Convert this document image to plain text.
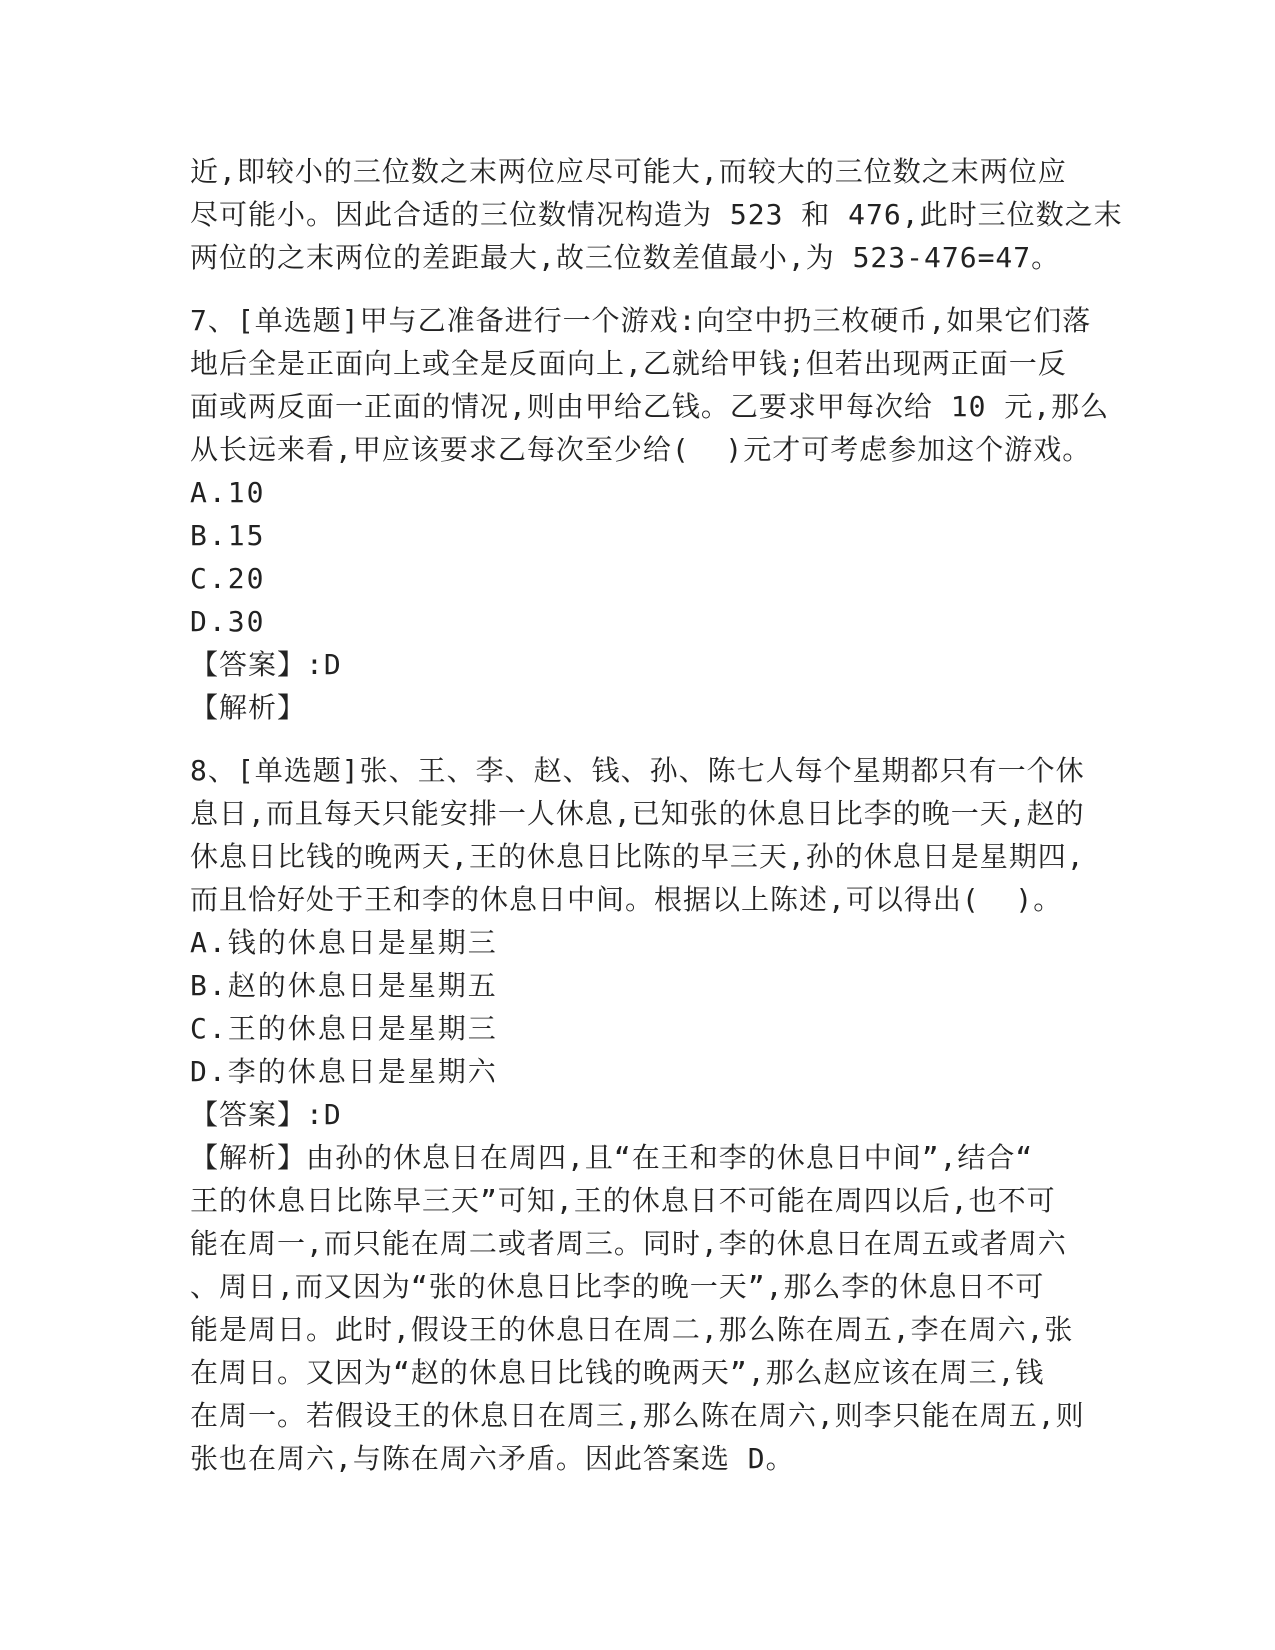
近,即较小的三位数之末两位应尽可能大,而较大的三位数之末两位应
尽可能小。因此合适的三位数情况构造为 523 和 476,此时三位数之末
两位的之末两位的差距最大,故三位数差值最小,为 523-476=47。
7、[单选题]甲与乙准备进行一个游戏:向空中扔三枚硬币,如果它们落
地后全是正面向上或全是反面向上,乙就给甲钱;但若出现两正面一反
面或两反面一正面的情况,则由甲给乙钱。乙要求甲每次给 10 元,那么
从长远来看,甲应该要求乙每次至少给(  )元才可考虑参加这个游戏。
A.10
B.15
C.20
D.30
【答案】:D
【解析】
8、[单选题]张、王、李、赵、钱、孙、陈七人每个星期都只有一个休
息日,而且每天只能安排一人休息,已知张的休息日比李的晚一天,赵的
休息日比钱的晚两天,王的休息日比陈的早三天,孙的休息日是星期四,
而且恰好处于王和李的休息日中间。根据以上陈述,可以得出(  )。
A.钱的休息日是星期三
B.赵的休息日是星期五
C.王的休息日是星期三
D.李的休息日是星期六
【答案】:D
【解析】由孙的休息日在周四,且“在王和李的休息日中间”,结合“
王的休息日比陈早三天”可知,王的休息日不可能在周四以后,也不可
能在周一,而只能在周二或者周三。同时,李的休息日在周五或者周六
、周日,而又因为“张的休息日比李的晚一天”,那么李的休息日不可
能是周日。此时,假设王的休息日在周二,那么陈在周五,李在周六,张
在周日。又因为“赵的休息日比钱的晚两天”,那么赵应该在周三,钱
在周一。若假设王的休息日在周三,那么陈在周六,则李只能在周五,则
张也在周六,与陈在周六矛盾。因此答案选 D。
